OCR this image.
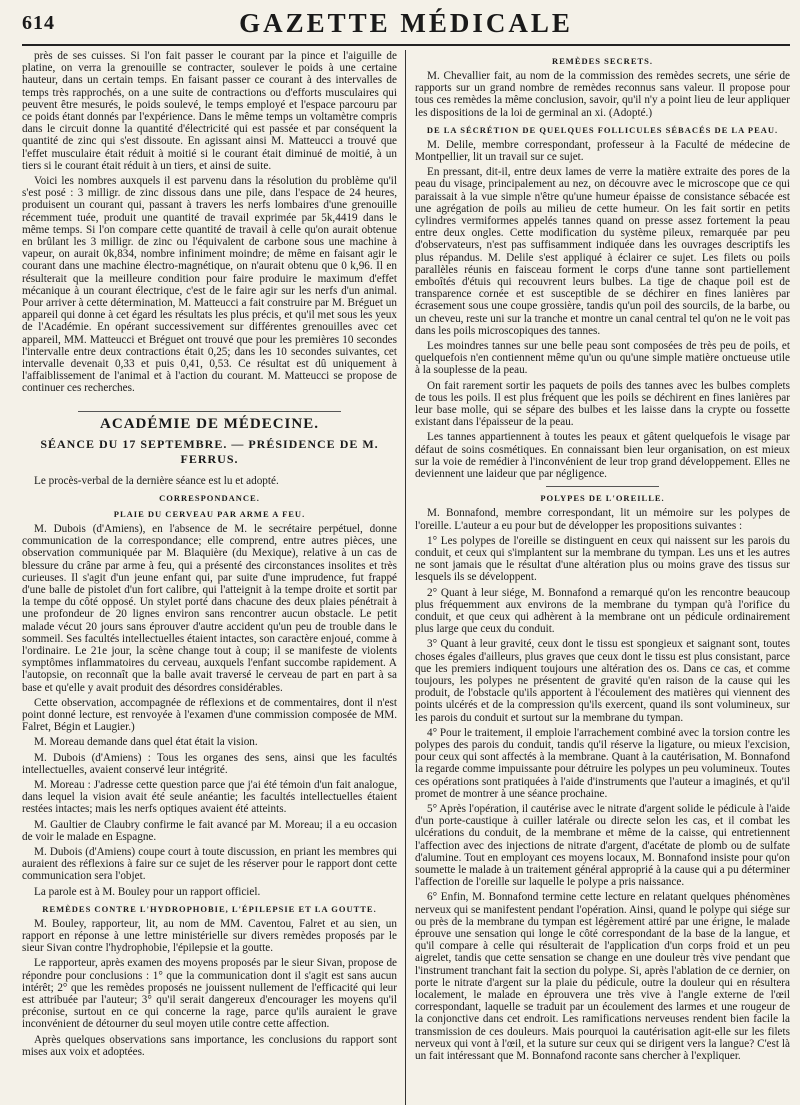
614	GAZETTE MÉDICALE

près de ses cuisses. Si l'on fait passer le courant par la pince et l'aiguille de platine, on verra la grenouille se contracter, soulever le poids à une certaine hauteur, dans un certain temps. En faisant passer ce courant à des intervalles de temps très rapprochés, on a une suite de contractions ou d'efforts musculaires qui peuvent être mesurés, le poids soulevé, le temps employé et l'espace parcouru par ce poids étant donnés par l'expérience. Dans le même temps un voltamètre compris dans le circuit donne la quantité d'électricité qui est passée et par conséquent la quantité de zinc qui s'est dissoute. En agissant ainsi M. Matteucci a trouvé que l'effet musculaire était réduit à moitié si le courant était diminué de moitié, à un tiers si le courant était réduit à un tiers, et ainsi de suite.

Voici les nombres auxquels il est parvenu dans la résolution du problème qu'il s'est posé : 3 milligr. de zinc dissous dans une pile, dans l'espace de 24 heures, produisent un courant qui, passant à travers les nerfs lombaires d'une grenouille récemment tuée, produit une quantité de travail exprimée par 5k,4419 dans le même temps. Si l'on compare cette quantité de travail à celle qu'on aurait obtenue en brûlant les 3 milligr. de zinc ou l'équivalent de carbone sous une machine à vapeur, on aurait 0k,834, nombre infiniment moindre; de même en faisant agir le courant dans une machine électro-magnétique, on n'aurait obtenu que 0 k,96. Il en résulterait que la meilleure condition pour faire produire le maximum d'effet mécanique à un courant électrique, c'est de le faire agir sur les nerfs d'un animal. Pour arriver à cette détermination, M. Matteucci a fait construire par M. Bréguet un appareil qui donne à cet égard les résultats les plus précis, et qu'il met sous les yeux de l'Académie. En opérant successivement sur différentes grenouilles avec cet appareil, MM. Matteucci et Bréguet ont trouvé que pour les premières 10 secondes l'intervalle entre deux contractions était 0,25; dans les 10 secondes suivantes, cet intervalle devenait 0,33 et puis 0,41, 0,53. Ce résultat est dû uniquement à l'affaiblissement de l'animal et à l'action du courant. M. Matteucci se propose de continuer ces recherches.

ACADÉMIE DE MÉDECINE.
SÉANCE DU 17 SEPTEMBRE. — PRÉSIDENCE DE M. FERRUS.

Le procès-verbal de la dernière séance est lu et adopté.

CORRESPONDANCE.
PLAIE DU CERVEAU PAR ARME A FEU.

M. Dubois (d'Amiens), en l'absence de M. le secrétaire perpétuel, donne communication de la correspondance; elle comprend, entre autres pièces, une observation communiquée par M. Blaquière (du Mexique), relative à un cas de blessure du crâne par arme à feu, qui a présenté des circonstances insolites et très curieuses. Il s'agit d'un jeune enfant qui, par suite d'une imprudence, fut frappé d'une balle de pistolet d'un fort calibre, qui l'atteignit à la tempe droite et sortit par la tempe du côté opposé. Un stylet porté dans chacune des deux plaies pénétrait à une profondeur de 20 lignes environ sans rencontrer aucun obstacle. Le petit malade vécut 20 jours sans éprouver d'autre accident qu'un peu de trouble dans le sommeil. Ses facultés intellectuelles étaient intactes, son caractère enjoué, comme à l'ordinaire. Le 21e jour, la scène change tout à coup; il se manifeste de violents symptômes inflammatoires du cerveau, auxquels l'enfant succombe rapidement. A l'autopsie, on reconnaît que la balle avait traversé le cerveau de part en part à sa base et qu'elle y avait produit des désordres considérables.

Cette observation, accompagnée de réflexions et de commentaires, dont il n'est point donné lecture, est renvoyée à l'examen d'une commission composée de MM. Falret, Bégin et Laugier.)

M. Moreau demande dans quel état était la vision.

M. Dubois (d'Amiens) : Tous les organes des sens, ainsi que les facultés intellectuelles, avaient conservé leur intégrité.

M. Moreau : J'adresse cette question parce que j'ai été témoin d'un fait analogue, dans lequel la vision avait été seule anéantie; les facultés intellectuelles étaient restées intactes; mais les nerfs optiques avaient été atteints.

M. Gaultier de Claubry confirme le fait avancé par M. Moreau; il a eu occasion de voir le malade en Espagne.

M. Dubois (d'Amiens) coupe court à toute discussion, en priant les membres qui auraient des réflexions à faire sur ce sujet de les réserver pour le rapport dont cette communication sera l'objet.

La parole est à M. Bouley pour un rapport officiel.

REMÈDES CONTRE L'HYDROPHOBIE, L'ÉPILEPSIE ET LA GOUTTE.

M. Bouley, rapporteur, lit, au nom de MM. Caventou, Falret et au sien, un rapport en réponse à une lettre ministérielle sur divers remèdes proposés par le sieur Sivan contre l'hydrophobie, l'épilepsie et la goutte.

Le rapporteur, après examen des moyens proposés par le sieur Sivan, propose de répondre pour conclusions : 1° que la communication dont il s'agit est sans aucun intérêt; 2° que les remèdes proposés ne jouissent nullement de l'efficacité qui leur est attribuée par l'auteur; 3° qu'il serait dangereux d'encourager les moyens qu'il préconise, surtout en ce qui concerne la rage, parce qu'ils auraient le grave inconvénient de détourner du seul moyen utile contre cette affection.

Après quelques observations sans importance, les conclusions du rapport sont mises aux voix et adoptées.

REMÈDES SECRETS.

M. Chevallier fait, au nom de la commission des remèdes secrets, une série de rapports sur un grand nombre de remèdes reconnus sans valeur. Il propose pour tous ces remèdes la même conclusion, savoir, qu'il n'y a point lieu de leur appliquer les dispositions de la loi de germinal an xi. (Adopté.)

DE LA SÉCRÉTION DE QUELQUES FOLLICULES SÉBACÉS DE LA PEAU.

M. Delile, membre correspondant, professeur à la Faculté de médecine de Montpellier, lit un travail sur ce sujet.

En pressant, dit-il, entre deux lames de verre la matière extraite des pores de la peau du visage, principalement au nez, on découvre avec le microscope que ce qui paraissait à la vue simple n'être qu'une humeur épaisse de consistance sébacée est une agrégation de poils au milieu de cette humeur. On les fait sortir en petits cylindres vermiformes appelés tannes quand on presse assez fortement la peau entre deux ongles. Cette modification du système pileux, remarquée par peu d'observateurs, n'est pas suffisamment indiquée dans les ouvrages descriptifs les plus répandus. M. Delile s'est appliqué à éclairer ce sujet. Les filets ou poils parallèles réunis en faisceau forment le corps d'une tanne sont partiellement emboîtés d'étuis qui recouvrent leurs bulbes. La tige de chaque poil est de transparence cornée et est susceptible de se déchirer en fines lanières par écrasement sous une coupe grossière, tandis qu'un poil des sourcils, de la barbe, ou un cheveu, reste uni sur la tranche et montre un canal central tel qu'on ne le voit pas dans les poils microscopiques des tannes.

Les moindres tannes sur une belle peau sont composées de très peu de poils, et quelquefois n'en contiennent même qu'un ou qu'une simple matière onctueuse utile à la souplesse de la peau.

On fait rarement sortir les paquets de poils des tannes avec les bulbes complets de tous les poils. Il est plus fréquent que les poils se déchirent en fines lanières par leur base molle, qui se sépare des bulbes et les laisse dans la crypte ou fossette existant dans l'épaisseur de la peau.

Les tannes appartiennent à toutes les peaux et gâtent quelquefois le visage par défaut de soins cosmétiques. En connaissant bien leur organisation, on est mieux sur la voie de remédier à l'inconvénient de leur trop grand développement. Elles ne deviennent une laideur que par négligence.

POLYPES DE L'OREILLE.

M. Bonnafond, membre correspondant, lit un mémoire sur les polypes de l'oreille. L'auteur a eu pour but de développer les propositions suivantes :

1° Les polypes de l'oreille se distinguent en ceux qui naissent sur les parois du conduit, et ceux qui s'implantent sur la membrane du tympan. Les uns et les autres ne sont jamais que le résultat d'une altération plus ou moins grave des tissus sur lesquels ils se développent.

2° Quant à leur siége, M. Bonnafond a remarqué qu'on les rencontre beaucoup plus fréquemment aux environs de la membrane du tympan qu'à l'orifice du conduit, et que ceux qui adhèrent à la membrane ont un pédicule ordinairement plus large que ceux du conduit.

3° Quant à leur gravité, ceux dont le tissu est spongieux et saignant sont, toutes choses égales d'ailleurs, plus graves que ceux dont le tissu est plus consistant, parce que les premiers indiquent toujours une altération des os. Dans ce cas, et comme toujours, les polypes ne présentent de gravité qu'en raison de la cause qui les produit, de l'obstacle qu'ils apportent à l'écoulement des matières qui viennent des points ulcérés et de la compression qu'ils exercent, quand ils sont volumineux, sur les parois du conduit et surtout sur la membrane du tympan.

4° Pour le traitement, il emploie l'arrachement combiné avec la torsion contre les polypes des parois du conduit, tandis qu'il réserve la ligature, ou mieux l'excision, pour ceux qui sont affectés à la membrane. Quant à la cautérisation, M. Bonnafond la regarde comme impuissante pour détruire les polypes un peu volumineux. Toutes ces opérations sont pratiquées à l'aide d'instruments que l'auteur a imaginés, et qu'il promet de montrer à une séance prochaine.

5° Après l'opération, il cautérise avec le nitrate d'argent solide le pédicule à l'aide d'un porte-caustique à cuiller latérale ou directe selon les cas, et il combat les ulcérations du conduit, de la membrane et même de la caisse, qui entretiennent l'affection avec des injections de nitrate d'argent, d'acétate de plomb ou de sulfate d'alumine. Tout en employant ces moyens locaux, M. Bonnafond insiste pour qu'on soumette le malade à un traitement général approprié à la cause qui a pu déterminer l'affection de l'oreille sur laquelle le polype a pris naissance.

6° Enfin, M. Bonnafond termine cette lecture en relatant quelques phénomènes nerveux qui se manifestent pendant l'opération. Ainsi, quand le polype qui siége sur ou près de la membrane du tympan est légèrement attiré par une érigne, le malade éprouve une sensation qui longe le côté correspondant de la base de la langue, et qu'il compare à celle qui résulterait de l'application d'un corps froid et un peu aigrelet, tandis que cette sensation se change en une douleur très vive pendant que l'instrument tranchant fait la section du polype. Si, après l'ablation de ce dernier, on porte le nitrate d'argent sur la plaie du pédicule, outre la douleur qui en résultera localement, le malade en éprouvera une très vive à l'angle externe de l'œil correspondant, laquelle se traduit par un écoulement des larmes et une rougeur de la conjonctive dans cet endroit. Les ramifications nerveuses rendent bien facile la transmission de ces douleurs. Mais pourquoi la cautérisation agit-elle sur les filets nerveux qui vont à l'œil, et la suture sur ceux qui se dirigent vers la langue? C'est là un fait intéressant que M. Bonnafond raconte sans chercher à l'expliquer.
